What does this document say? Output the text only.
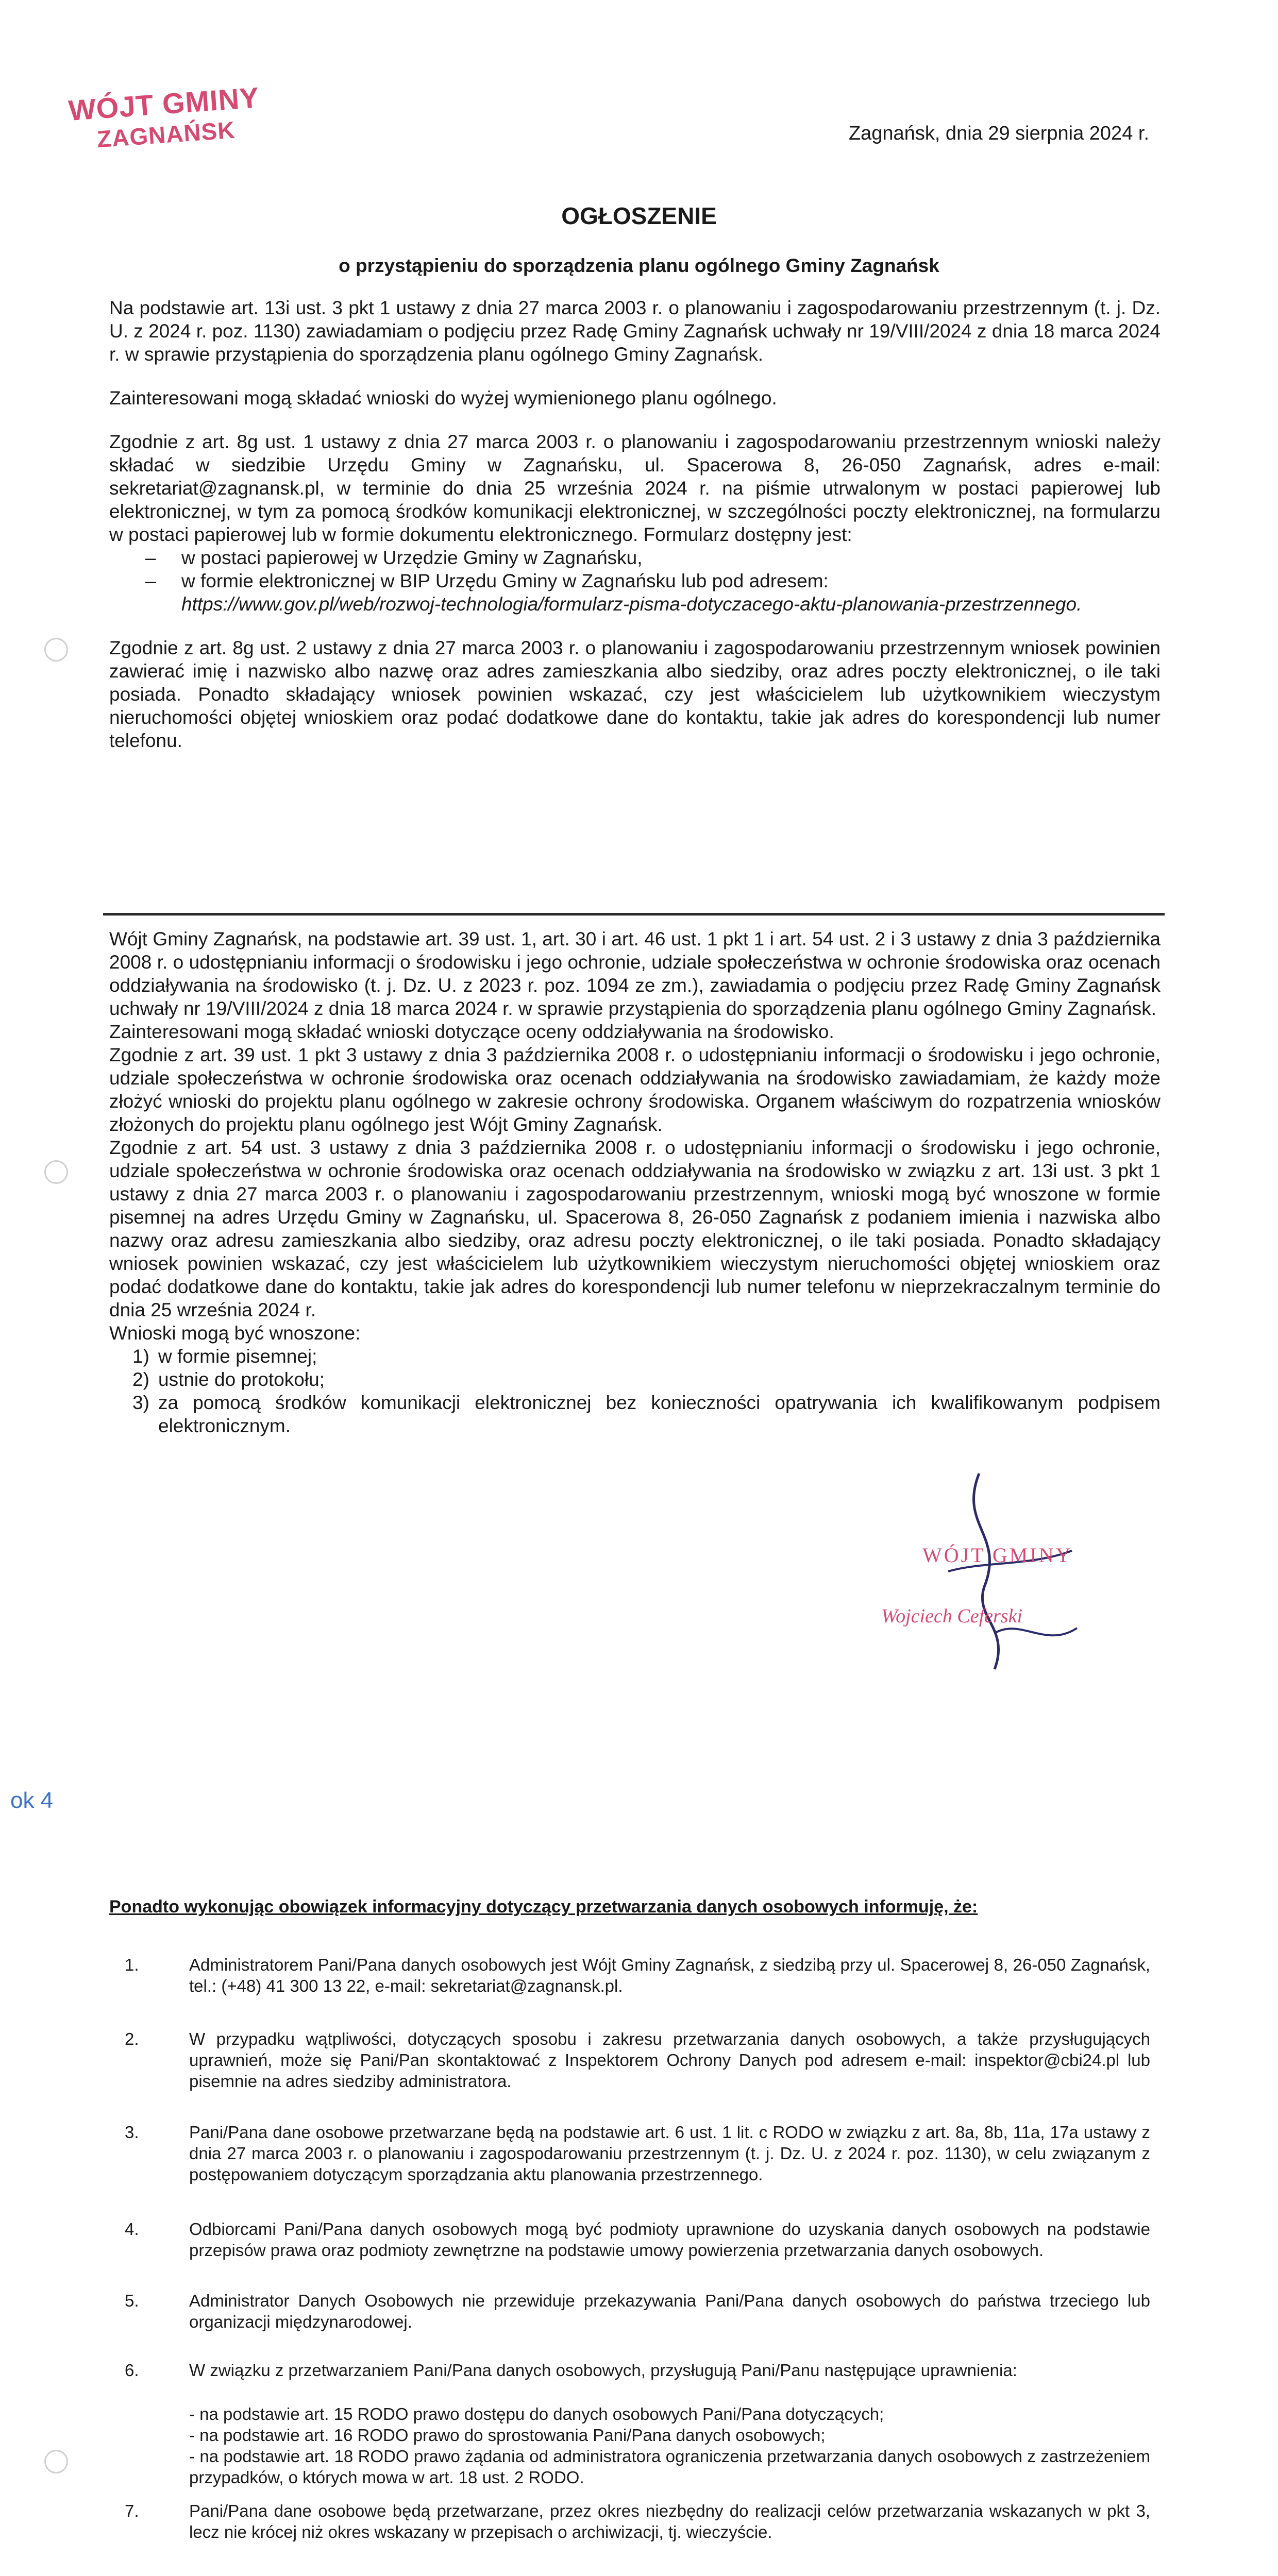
WÓJT GMINY
ZAGNAŃSK	Zagnańsk, dnia 29 sierpnia 2024 r.
OGŁOSZENIE
o przystąpieniu do sporządzenia planu ogólnego Gminy Zagnańsk

Na podstawie art. 13i ust. 3 pkt 1 ustawy z dnia 27 marca 2003 r. o planowaniu i zagospodarowaniu przestrzennym (t. j. Dz. U. z 2024 r. poz. 1130) zawiadamiam o podjęciu przez Radę Gminy Zagnańsk uchwały nr 19/VIII/2024 z dnia 18 marca 2024 r. w sprawie przystąpienia do sporządzenia planu ogólnego Gminy Zagnańsk.

Zainteresowani mogą składać wnioski do wyżej wymienionego planu ogólnego.

Zgodnie z art. 8g ust. 1 ustawy z dnia 27 marca 2003 r. o planowaniu i zagospodarowaniu przestrzennym wnioski należy składać w siedzibie Urzędu Gminy w Zagnańsku, ul. Spacerowa 8, 26-050 Zagnańsk, adres e-mail: sekretariat@zagnansk.pl, w terminie do dnia 25 września 2024 r. na piśmie utrwalonym w postaci papierowej lub elektronicznej, w tym za pomocą środków komunikacji elektronicznej, w szczególności poczty elektronicznej, na formularzu w postaci papierowej lub w formie dokumentu elektronicznego. Formularz dostępny jest:

– w postaci papierowej w Urzędzie Gminy w Zagnańsku,
– w formie elektronicznej w BIP Urzędu Gminy w Zagnańsku lub pod adresem:
https://www.gov.pl/web/rozwoj-technologia/formularz-pisma-dotyczacego-aktu-planowania-przestrzennego.

Zgodnie z art. 8g ust. 2 ustawy z dnia 27 marca 2003 r. o planowaniu i zagospodarowaniu przestrzennym wniosek powinien zawierać imię i nazwisko albo nazwę oraz adres zamieszkania albo siedziby, oraz adres poczty elektronicznej, o ile taki posiada. Ponadto składający wniosek powinien wskazać, czy jest właścicielem lub użytkownikiem wieczystym nieruchomości objętej wnioskiem oraz podać dodatkowe dane do kontaktu, takie jak adres do korespondencji lub numer telefonu.

Wójt Gminy Zagnańsk, na podstawie art. 39 ust. 1, art. 30 i art. 46 ust. 1 pkt 1 i art. 54 ust. 2 i 3 ustawy z dnia 3 października 2008 r. o udostępnianiu informacji o środowisku i jego ochronie, udziale społeczeństwa w ochronie środowiska oraz ocenach oddziaływania na środowisko (t. j. Dz. U. z 2023 r. poz. 1094 ze zm.), zawiadamia o podjęciu przez Radę Gminy Zagnańsk uchwały nr 19/VIII/2024 z dnia 18 marca 2024 r. w sprawie przystąpienia do sporządzenia planu ogólnego Gminy Zagnańsk.

Zainteresowani mogą składać wnioski dotyczące oceny oddziaływania na środowisko.

Zgodnie z art. 39 ust. 1 pkt 3 ustawy z dnia 3 października 2008 r. o udostępnianiu informacji o środowisku i jego ochronie, udziale społeczeństwa w ochronie środowiska oraz ocenach oddziaływania na środowisko zawiadamiam, że każdy może złożyć wnioski do projektu planu ogólnego w zakresie ochrony środowiska. Organem właściwym do rozpatrzenia wniosków złożonych do projektu planu ogólnego jest Wójt Gminy Zagnańsk.

Zgodnie z art. 54 ust. 3 ustawy z dnia 3 października 2008 r. o udostępnianiu informacji o środowisku i jego ochronie, udziale społeczeństwa w ochronie środowiska oraz ocenach oddziaływania na środowisko w związku z art. 13i ust. 3 pkt 1 ustawy z dnia 27 marca 2003 r. o planowaniu i zagospodarowaniu przestrzennym, wnioski mogą być wnoszone w formie pisemnej na adres Urzędu Gminy w Zagnańsku, ul. Spacerowa 8, 26-050 Zagnańsk z podaniem imienia i nazwiska albo nazwy oraz adresu zamieszkania albo siedziby, oraz adresu poczty elektronicznej, o ile taki posiada. Ponadto składający wniosek powinien wskazać, czy jest właścicielem lub użytkownikiem wieczystym nieruchomości objętej wnioskiem oraz podać dodatkowe dane do kontaktu, takie jak adres do korespondencji lub numer telefonu w nieprzekraczalnym terminie do dnia 25 września 2024 r.

Wnioski mogą być wnoszone:

1) w formie pisemnej;
2) ustnie do protokołu;
3) za pomocą środków komunikacji elektronicznej bez konieczności opatrywania ich kwalifikowanym podpisem elektronicznym.
WÓJT GMINY
Wojciech Ceferski
ok 4
Ponadto wykonując obowiązek informacyjny dotyczący przetwarzania danych osobowych informuję, że:
1.	Administratorem Pani/Pana danych osobowych jest Wójt Gminy Zagnańsk, z siedzibą przy ul. Spacerowej 8, 26-050 Zagnańsk, tel.: (+48) 41 300 13 22, e-mail: sekretariat@zagnansk.pl.
2.	W przypadku wątpliwości, dotyczących sposobu i zakresu przetwarzania danych osobowych, a także przysługujących uprawnień, może się Pani/Pan skontaktować z Inspektorem Ochrony Danych pod adresem e-mail: inspektor@cbi24.pl lub pisemnie na adres siedziby administratora.
3.	Pani/Pana dane osobowe przetwarzane będą na podstawie art. 6 ust. 1 lit. c RODO w związku z art. 8a, 8b, 11a, 17a ustawy z dnia 27 marca 2003 r. o planowaniu i zagospodarowaniu przestrzennym (t. j. Dz. U. z 2024 r. poz. 1130), w celu związanym z postępowaniem dotyczącym sporządzania aktu planowania przestrzennego.
4.	Odbiorcami Pani/Pana danych osobowych mogą być podmioty uprawnione do uzyskania danych osobowych na podstawie przepisów prawa oraz podmioty zewnętrzne na podstawie umowy powierzenia przetwarzania danych osobowych.
5.	Administrator Danych Osobowych nie przewiduje przekazywania Pani/Pana danych osobowych do państwa trzeciego lub organizacji międzynarodowej.
6.	W związku z przetwarzaniem Pani/Pana danych osobowych, przysługują Pani/Panu następujące uprawnienia:
- na podstawie art. 15 RODO prawo dostępu do danych osobowych Pani/Pana dotyczących;
- na podstawie art. 16 RODO prawo do sprostowania Pani/Pana danych osobowych;
- na podstawie art. 18 RODO prawo żądania od administratora ograniczenia przetwarzania danych osobowych z zastrzeżeniem przypadków, o których mowa w art. 18 ust. 2 RODO.
7.	Pani/Pana dane osobowe będą przetwarzane, przez okres niezbędny do realizacji celów przetwarzania wskazanych w pkt 3, lecz nie krócej niż okres wskazany w przepisach o archiwizacji, tj. wieczyście.
